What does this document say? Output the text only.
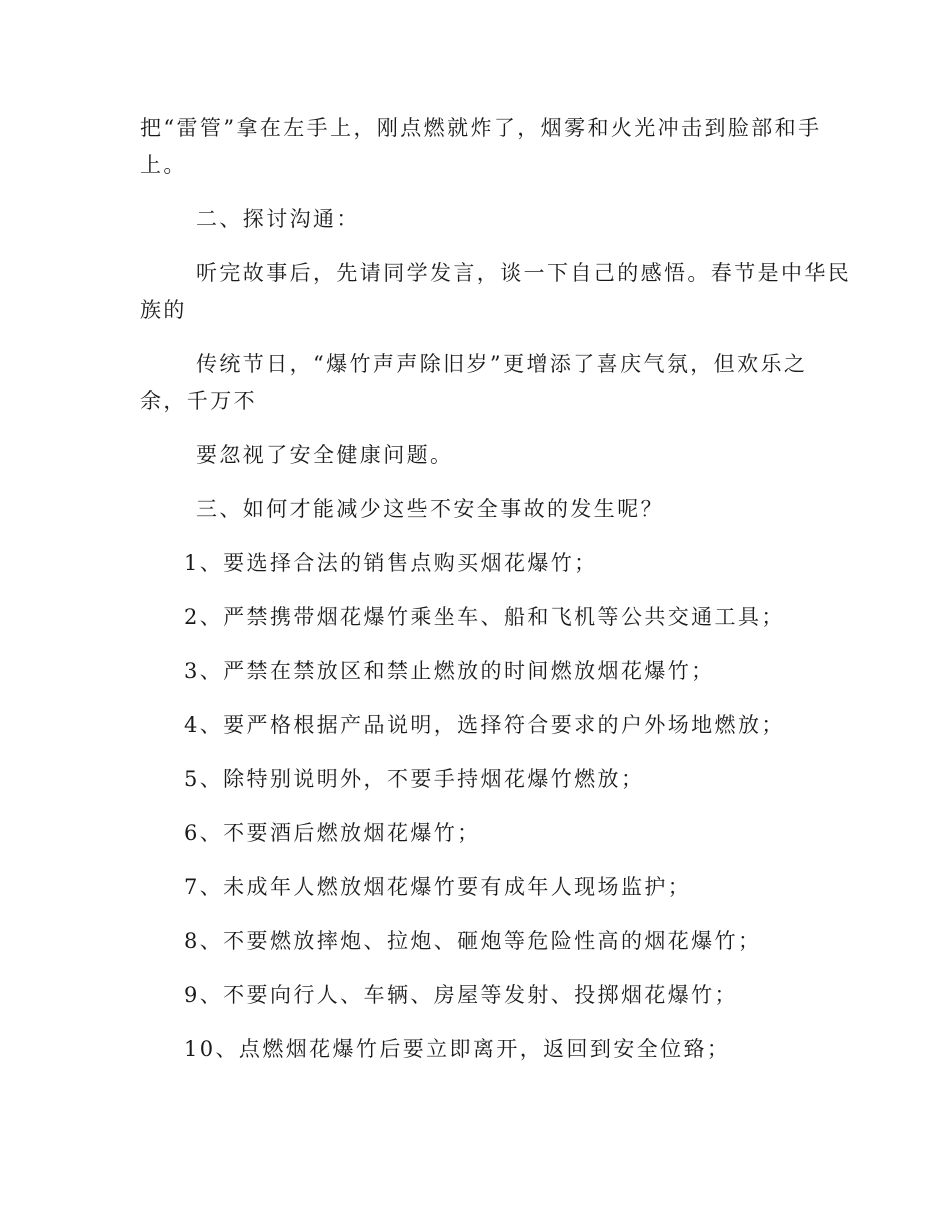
把“雷管”拿在左手上，刚点燃就炸了，烟雾和火光冲击到脸部和手
上。
二、探讨沟通：
听完故事后，先请同学发言，谈一下自己的感悟。春节是中华民
族的
传统节日，“爆竹声声除旧岁”更增添了喜庆气氛，但欢乐之
余，千万不
要忽视了安全健康问题。
三、如何才能减少这些不安全事故的发生呢？
1、要选择合法的销售点购买烟花爆竹；
2、严禁携带烟花爆竹乘坐车、船和飞机等公共交通工具；
3、严禁在禁放区和禁止燃放的时间燃放烟花爆竹；
4、要严格根据产品说明，选择符合要求的户外场地燃放；
5、除特别说明外，不要手持烟花爆竹燃放；
6、不要酒后燃放烟花爆竹；
7、未成年人燃放烟花爆竹要有成年人现场监护；
8、不要燃放摔炮、拉炮、砸炮等危险性高的烟花爆竹；
9、不要向行人、车辆、房屋等发射、投掷烟花爆竹；
10、点燃烟花爆竹后要立即离开，返回到安全位臵；
